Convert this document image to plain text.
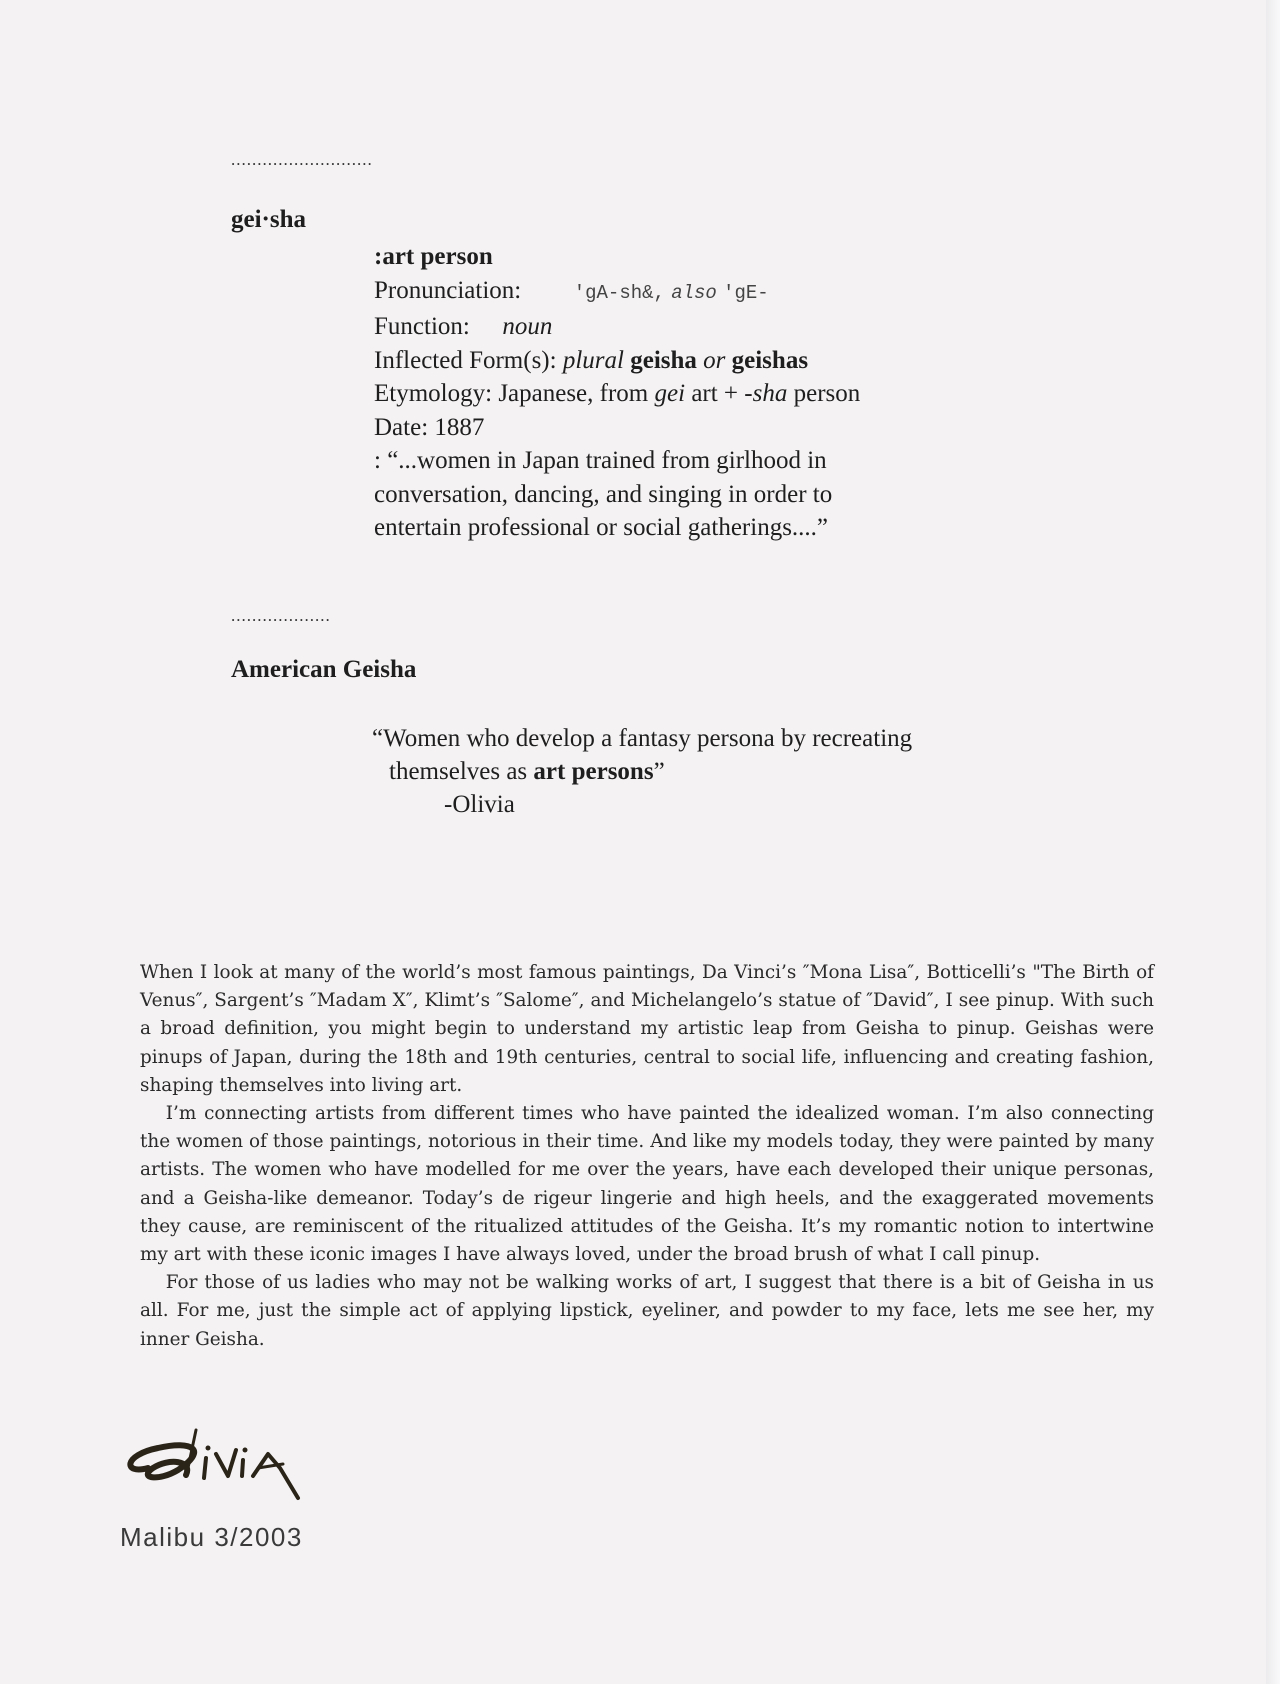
...........................
gei·sha
:art person
Pronunciation:	'gA-sh&, also 'gE-
Function: noun
Inflected Form(s): plural geisha or geishas
Etymology: Japanese, from gei art + -sha person
Date: 1887
: “...women in Japan trained from girlhood in
conversation, dancing, and singing in order to
entertain professional or social gatherings....”
...................
American Geisha
“Women who develop a fantasy persona by recreating
themselves as art persons”
-Olivia

When I look at many of the world’s most famous paintings, Da Vinci’s ″Mona Lisa″, Botticelli’s "The Birth of Venus″, Sargent’s ″Madam X″, Klimt’s ″Salome″, and Michelangelo’s statue of ″David″, I see pinup. With such a broad definition, you might begin to understand my artistic leap from Geisha to pinup. Geishas were pinups of Japan, during the 18th and 19th centuries, central to social life, influencing and creating fashion, shaping themselves into living art.

I’m connecting artists from different times who have painted the idealized woman. I’m also connecting the women of those paintings, notorious in their time. And like my models today, they were painted by many artists. The women who have modelled for me over the years, have each developed their unique personas, and a Geisha-like demeanor. Today’s de rigeur lingerie and high heels, and the exaggerated movements they cause, are reminiscent of the ritualized attitudes of the Geisha. It’s my romantic notion to intertwine my art with these iconic images I have always loved, under the broad brush of what I call pinup.

For those of us ladies who may not be walking works of art, I suggest that there is a bit of Geisha in us all. For me, just the simple act of applying lipstick, eyeliner, and powder to my face, lets me see her, my inner Geisha.

Malibu 3/2003
